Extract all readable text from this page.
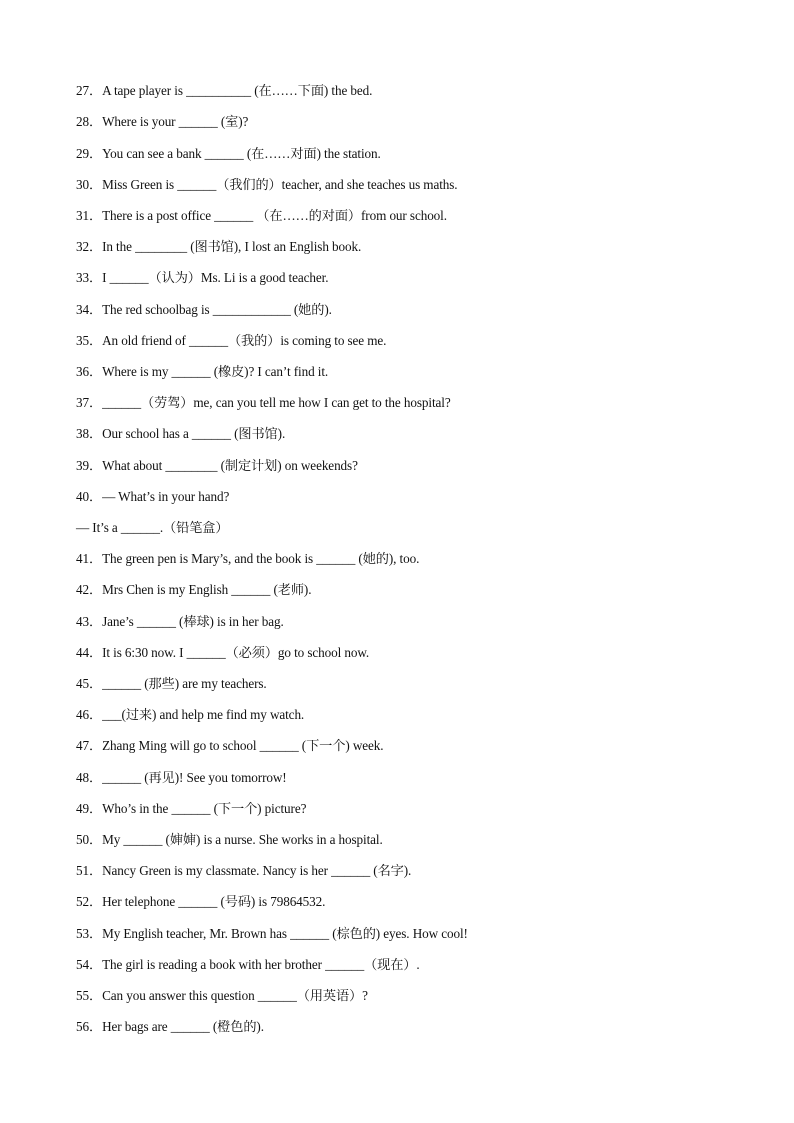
27．A tape player is __________ (在……下面) the bed.
28．Where is your ______ (室)?
29．You can see a bank ______ (在……对面) the station.
30．Miss Green is ______（我们的）teacher, and she teaches us maths.
31．There is a post office ______ （在……的对面）from our school.
32．In the ________ (图书馆), I lost an English book.
33．I ______（认为）Ms. Li is a good teacher.
34．The red schoolbag is ____________ (她的).
35．An old friend of ______（我的）is coming to see me.
36．Where is my ______ (橡皮)? I can’t find it.
37．______（劳驾）me, can you tell me how I can get to the hospital?
38．Our school has a ______ (图书馆).
39．What about ________ (制定计划) on weekends?
40．— What’s in your hand?
— It’s a ______.（铅笔盒）
41．The green pen is Mary’s, and the book is ______ (她的), too.
42．Mrs Chen is my English ______ (老师).
43．Jane’s ______ (棒球) is in her bag.
44．It is 6:30 now. I ______（必须）go to school now.
45．______ (那些) are my teachers.
46．___(过来) and help me find my watch.
47．Zhang Ming will go to school ______ (下一个) week.
48．______ (再见)! See you tomorrow!
49．Who’s in the ______ (下一个) picture?
50．My ______ (婶婶) is a nurse. She works in a hospital.
51．Nancy Green is my classmate. Nancy is her ______ (名字).
52．Her telephone ______ (号码) is 79864532.
53．My English teacher, Mr. Brown has ______ (棕色的) eyes. How cool!
54．The girl is reading a book with her brother ______（现在）.
55．Can you answer this question ______（用英语）?
56．Her bags are ______ (橙色的).
